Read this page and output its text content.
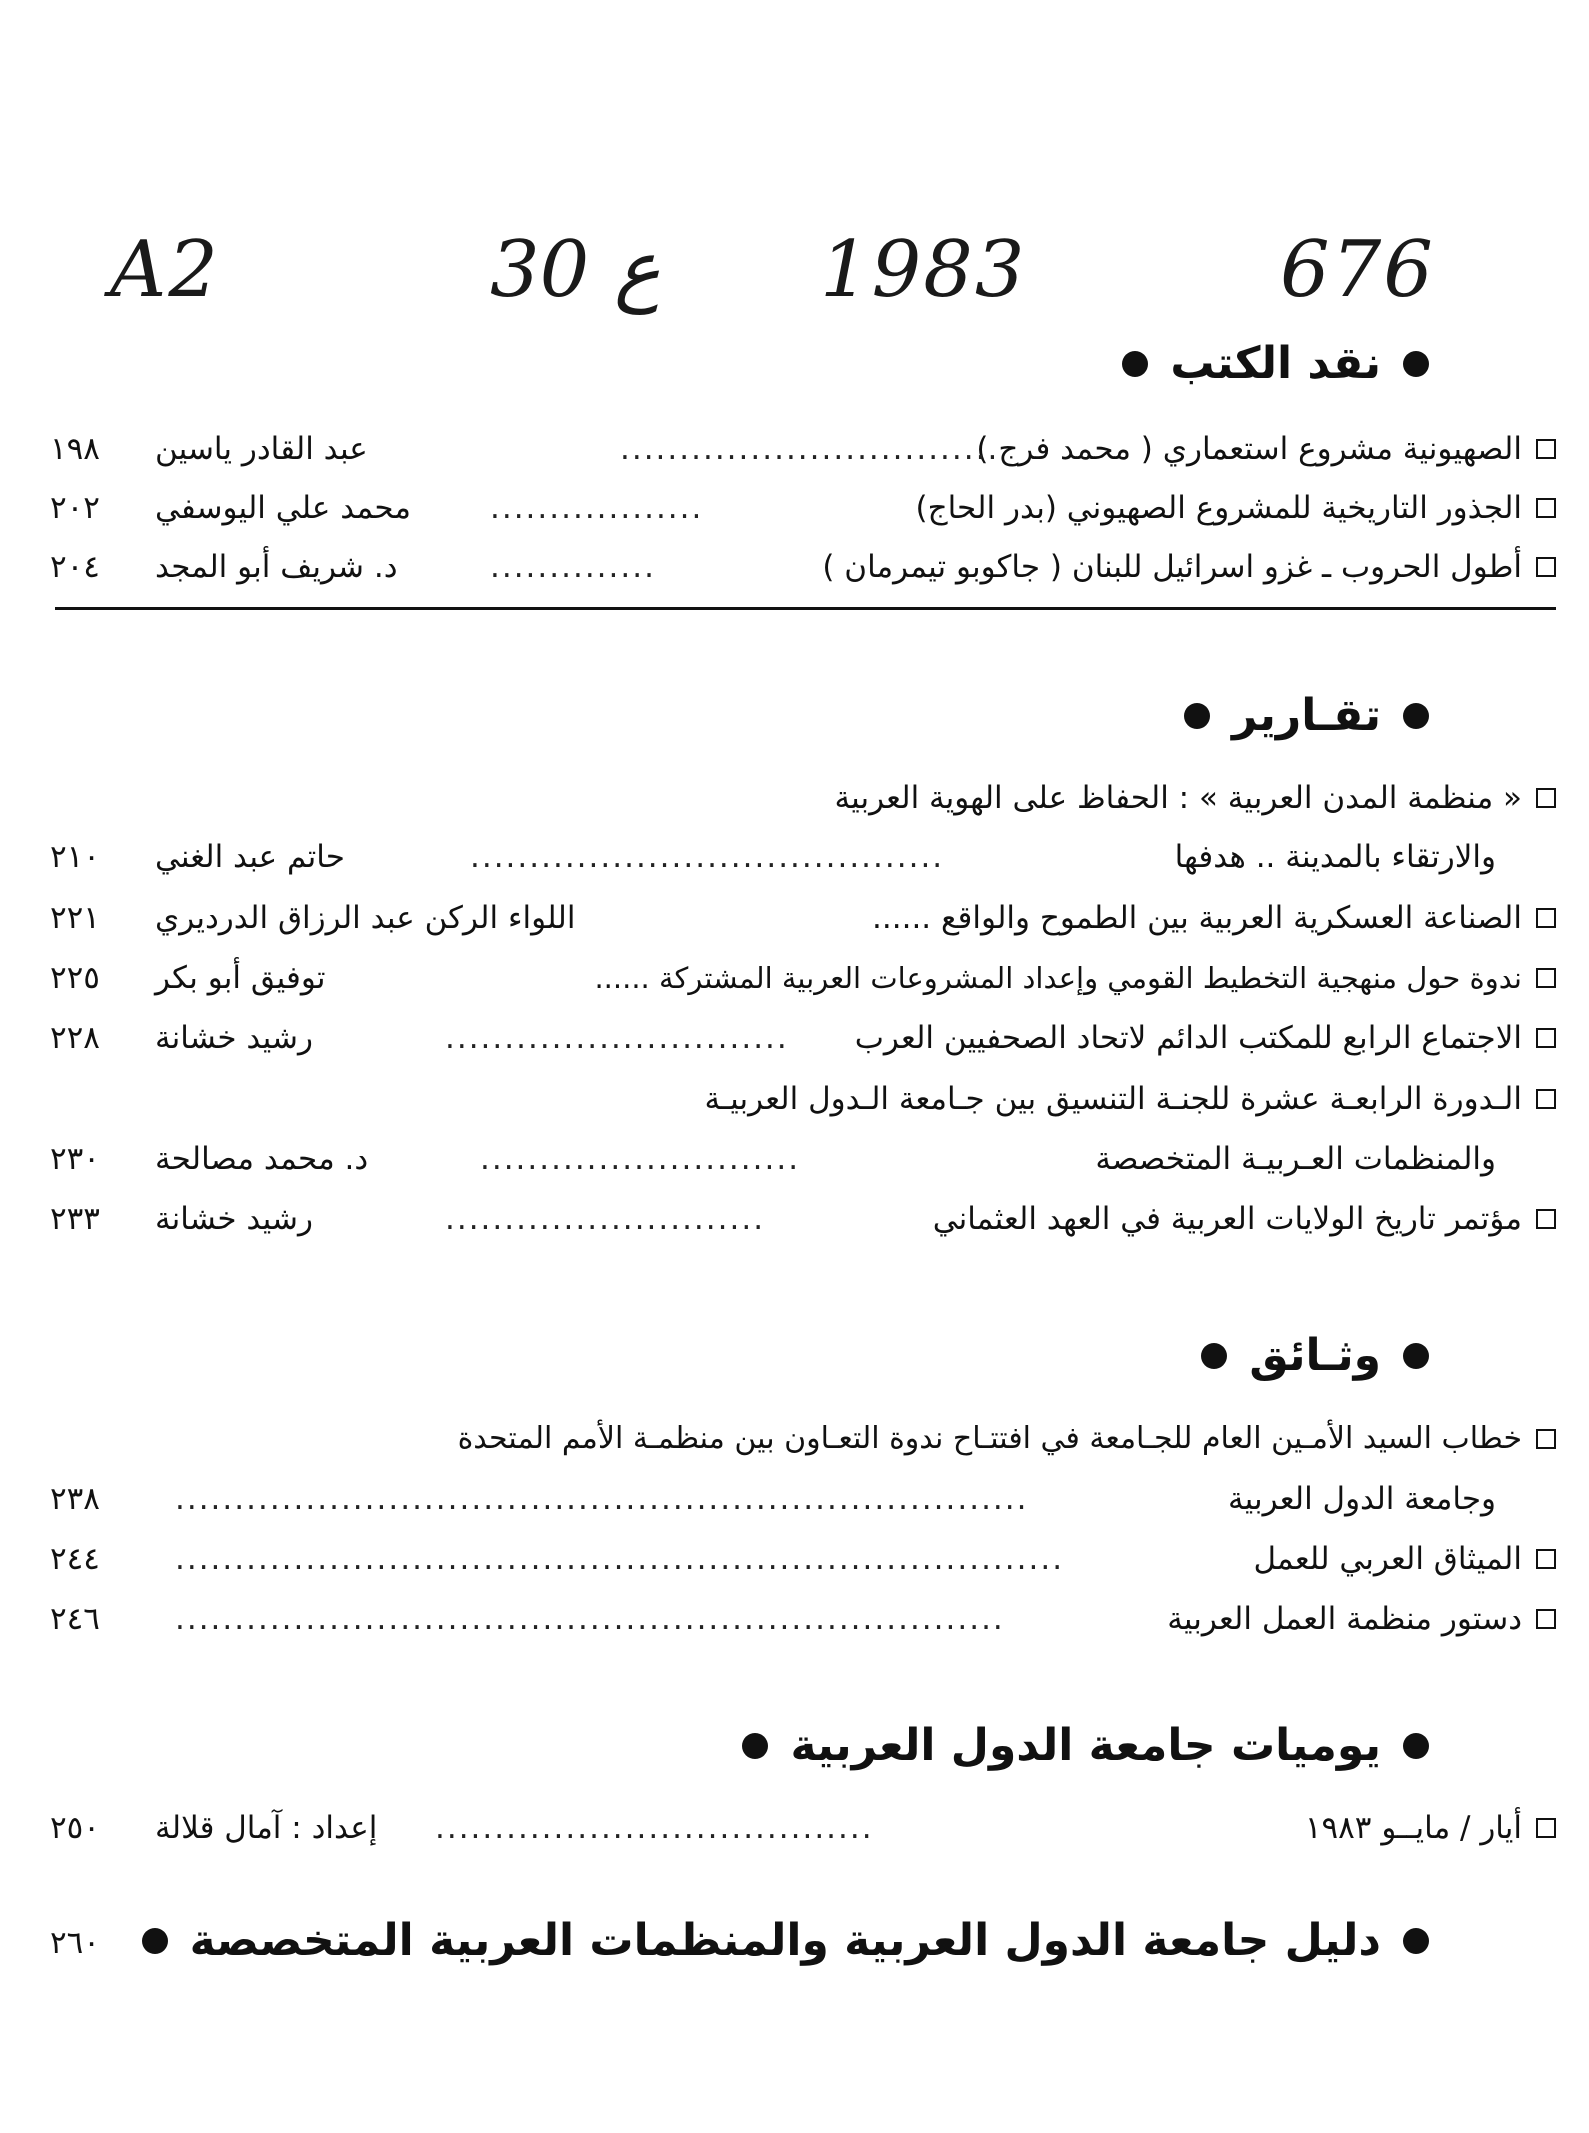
A2	30 ع 1983	676
نقد الكتب
الصهيونية مشروع استعماري ( محمد فرج )
................................
عبد القادر ياسين
١٩٨
الجذور التاريخية للمشروع الصهيوني (بدر الحاج)
..................
محمد علي اليوسفي
٢٠٢
أطول الحروب ـ غزو اسرائيل للبنان ( جاكوبو تيمرمان )
..............
د. شريف أبو المجد
٢٠٤
تقـارير
« منظمة المدن العربية » : الحفاظ على الهوية العربية
والارتقاء بالمدينة .. هدفها
........................................
حاتم عبد الغني
٢١٠
الصناعة العسكرية العربية بين الطموح والواقع ......
اللواء الركن عبد الرزاق الدرديري
٢٢١
ندوة حول منهجية التخطيط القومي وإعداد المشروعات العربية المشتركة ......
توفيق أبو بكر
٢٢٥
الاجتماع الرابع للمكتب الدائم لاتحاد الصحفيين العرب
.............................
رشيد خشانة
٢٢٨
الـدورة الرابعـة عشرة للجنـة التنسيق بين جـامعة الـدول العربيـة
والمنظمات العـربيـة المتخصصة
...........................
د. محمد مصالحة
٢٣٠
مؤتمر تاريخ الولايات العربية في العهد العثماني
...........................
رشيد خشانة
٢٣٣
وثـائق
خطاب السيد الأمـين العام للجـامعة في افتتـاح ندوة التعـاون بين منظمـة الأمم المتحدة
وجامعة الدول العربية
........................................................................
٢٣٨
الميثاق العربي للعمل
...........................................................................
٢٤٤
دستور منظمة العمل العربية
......................................................................
٢٤٦
يوميات جامعة الدول العربية
أيار / مايــو ١٩٨٣
.....................................
إعداد : آمال قلالة
٢٥٠
دليل جامعة الدول العربية والمنظمات العربية المتخصصة
٢٦٠
